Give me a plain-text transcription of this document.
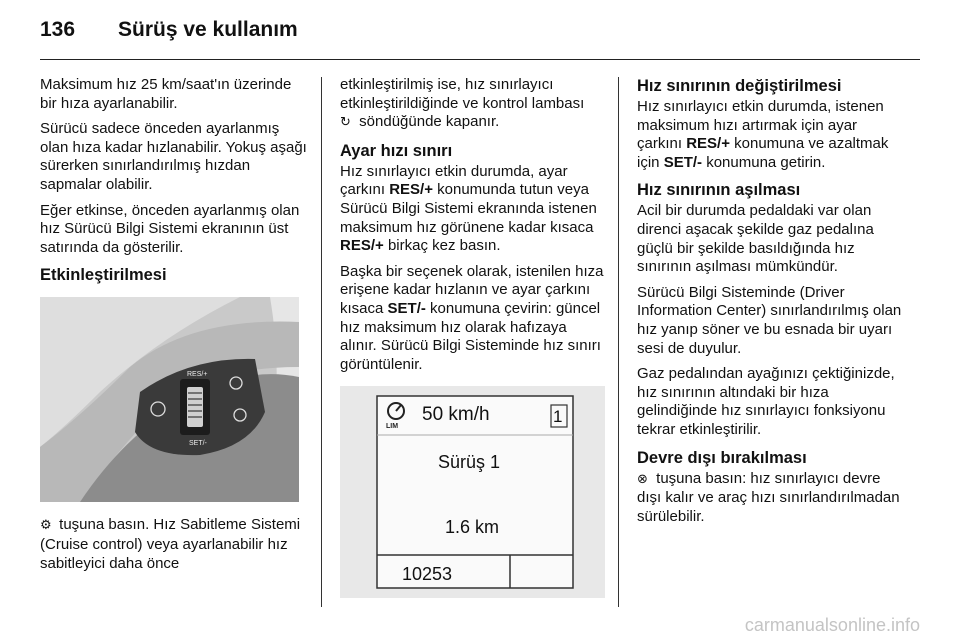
136 Sürüş ve kullanım

Maksimum hız 25 km/saat'ın üzerinde bir hıza ayarlanabilir.

Sürücü sadece önceden ayarlanmış olan hıza kadar hızlanabilir. Yokuş aşağı sürerken sınırlandırılmış hızdan sapmalar olabilir.

Eğer etkinse, önceden ayarlanmış olan hız Sürücü Bilgi Sistemi ekranının üst satırında da gösterilir.

Etkinleştirilmesi
RES/+
SET/-

⚙ tuşuna basın. Hız Sabitleme Sistemi (Cruise control) veya ayarlanabilir hız sabitleyici daha önce

etkinleştirilmiş ise, hız sınırlayıcı etkinleştirildiğinde ve kontrol lambası
↻ söndüğünde kapanır.

Ayar hızı sınırı

Hız sınırlayıcı etkin durumda, ayar çarkını RES/+ konumunda tutun veya Sürücü Bilgi Sistemi ekranında istenen maksimum hız görünene kadar kısaca RES/+ birkaç kez basın.

Başka bir seçenek olarak, istenilen hıza erişene kadar hızlanın ve ayar çarkını kısaca SET/- konumuna çevirin: güncel hız maksimum hız olarak hafızaya alınır. Sürücü Bilgi Sisteminde hız sınırı görüntülenir.

LIM
50 km/h	1
Sürüş 1
1.6 km
10253
Hız sınırının değiştirilmesi

Hız sınırlayıcı etkin durumda, istenen maksimum hızı artırmak için ayar çarkını RES/+ konumuna ve azaltmak için SET/- konumuna getirin.

Hız sınırının aşılması

Acil bir durumda pedaldaki var olan direnci aşacak şekilde gaz pedalına güçlü bir şekilde basıldığında hız sınırının aşılması mümkündür.

Sürücü Bilgi Sisteminde (Driver Information Center) sınırlandırılmış olan hız yanıp söner ve bu esnada bir uyarı sesi de duyulur.

Gaz pedalından ayağınızı çektiğinizde, hız sınırının altındaki bir hıza gelindiğinde hız sınırlayıcı fonksiyonu tekrar etkinleştirilir.

Devre dışı bırakılması

⊗ tuşuna basın: hız sınırlayıcı devre dışı kalır ve araç hızı sınırlandırılmadan sürülebilir.

carmanualsonline.info
